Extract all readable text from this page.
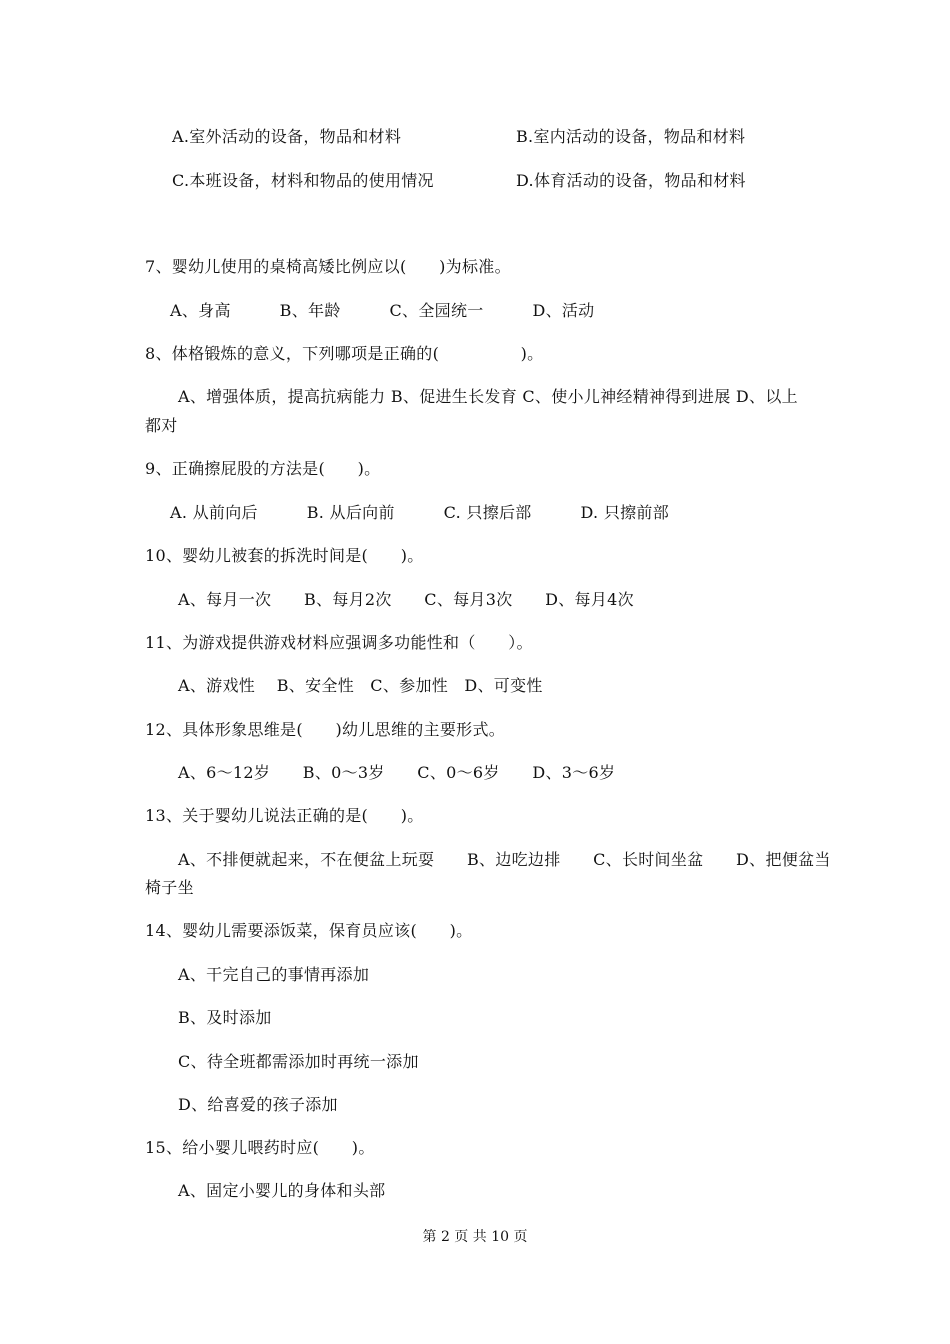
A.室外活动的设备，物品和材料	B.室内活动的设备，物品和材料
C.本班设备，材料和物品的使用情况	D.体育活动的设备，物品和材料
7、婴幼儿使用的桌椅高矮比例应以(　　)为标准。
A、身高　　　B、年龄　　　C、全园统一　　　D、活动
8、体格锻炼的意义，下列哪项是正确的(　　　　　)。
A、增强体质，提高抗病能力 B、促进生长发育 C、使小儿神经精神得到进展 D、以上
都对
9、正确擦屁股的方法是(　　)。
A. 从前向后　　　B. 从后向前　　　C. 只擦后部　　　D. 只擦前部
10、婴幼儿被套的拆洗时间是(　　)。
A、每月一次　　B、每月2次　　C、每月3次　　D、每月4次
11、为游戏提供游戏材料应强调多功能性和（　　）。
A、游戏性　 B、安全性　C、参加性　D、可变性
12、具体形象思维是(　　)幼儿思维的主要形式。
A、6～12岁　　B、0～3岁　　C、0～6岁　　D、3～6岁
13、关于婴幼儿说法正确的是(　　)。
A、不排便就起来，不在便盆上玩耍　　B、边吃边排　　C、长时间坐盆　　D、把便盆当
椅子坐
14、婴幼儿需要添饭菜，保育员应该(　　)。
A、干完自己的事情再添加
B、及时添加
C、待全班都需添加时再统一添加
D、给喜爱的孩子添加
15、给小婴儿喂药时应(　　)。
A、固定小婴儿的身体和头部
第 2 页 共 10 页
